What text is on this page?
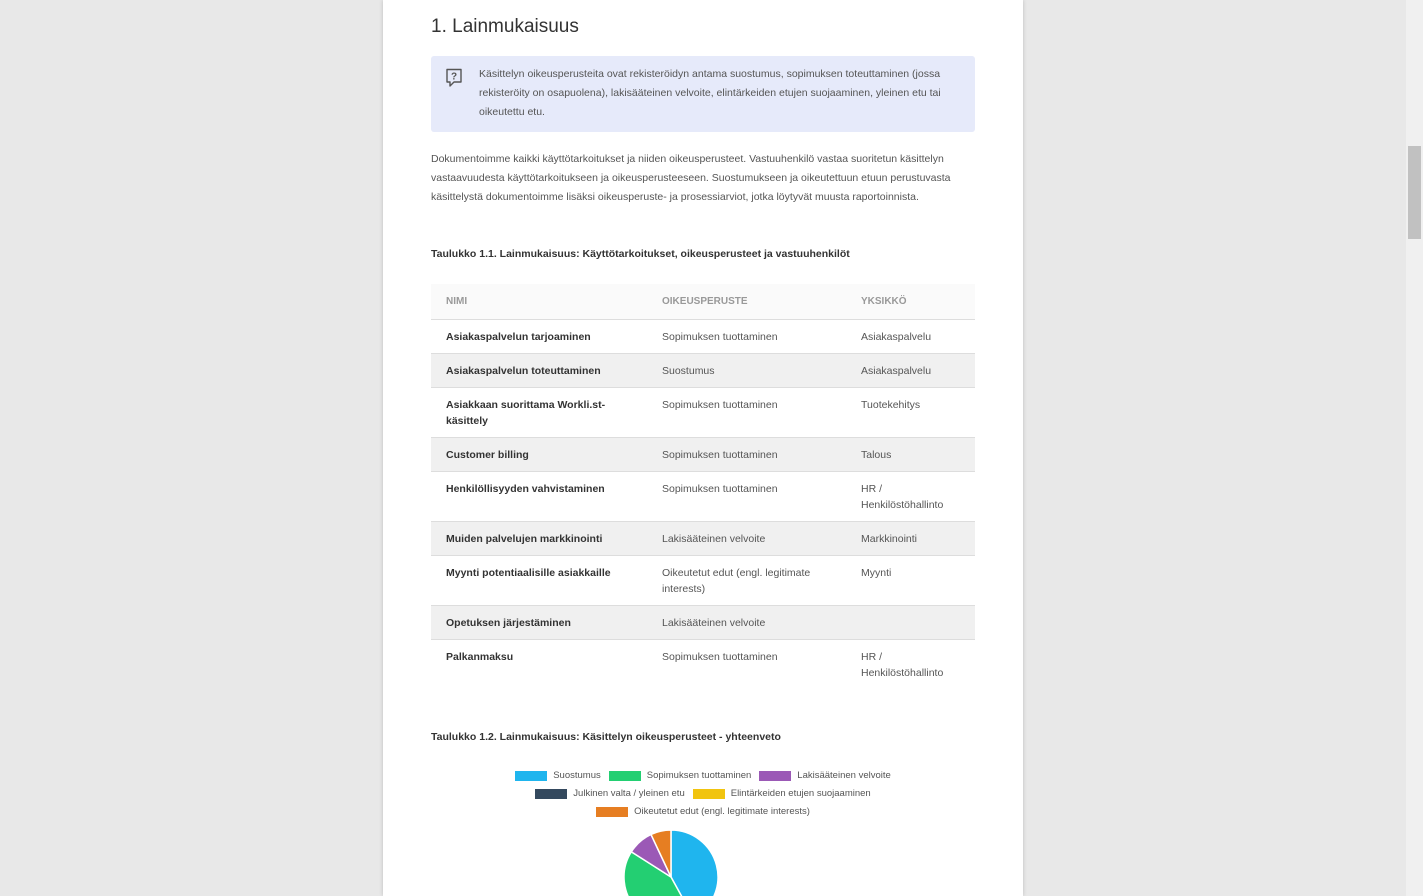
1. Lainmukaisuus
? Käsittelyn oikeusperusteita ovat rekisteröidyn antama suostumus, sopimuksen toteuttaminen (jossa rekisteröity on osapuolena), lakisääteinen velvoite, elintärkeiden etujen suojaaminen, yleinen etu tai oikeutettu etu.

Dokumentoimme kaikki käyttötarkoitukset ja niiden oikeusperusteet. Vastuuhenkilö vastaa suoritetun käsittelyn vastaavuudesta käyttötarkoitukseen ja oikeusperusteeseen. Suostumukseen ja oikeutettuun etuun perustuvasta käsittelystä dokumentoimme lisäksi oikeusperuste- ja prosessiarviot, jotka löytyvät muusta raportoinnista.

Taulukko 1.1. Lainmukaisuus: Käyttötarkoitukset, oikeusperusteet ja vastuuhenkilöt

NIMI	OIKEUSPERUSTE	YKSIKKÖ
Asiakaspalvelun tarjoaminen	Sopimuksen tuottaminen	Asiakaspalvelu
Asiakaspalvelun toteuttaminen	Suostumus	Asiakaspalvelu
Asiakkaan suorittama Workli.st-käsittely	Sopimuksen tuottaminen	Tuotekehitys
Customer billing	Sopimuksen tuottaminen	Talous
Henkilöllisyyden vahvistaminen	Sopimuksen tuottaminen	HR / Henkilöstöhallinto
Muiden palvelujen markkinointi	Lakisääteinen velvoite	Markkinointi
Myynti potentiaalisille asiakkaille	Oikeutetut edut (engl. legitimate interests)	Myynti
Opetuksen järjestäminen	Lakisääteinen velvoite	
Palkanmaksu	Sopimuksen tuottaminen	HR / Henkilöstöhallinto

Taulukko 1.2. Lainmukaisuus: Käsittelyn oikeusperusteet - yhteenveto

Suostumus	Sopimuksen tuottaminen	Lakisääteinen velvoite
Julkinen valta / yleinen etu	Elintärkeiden etujen suojaaminen
Oikeutetut edut (engl. legitimate interests)
